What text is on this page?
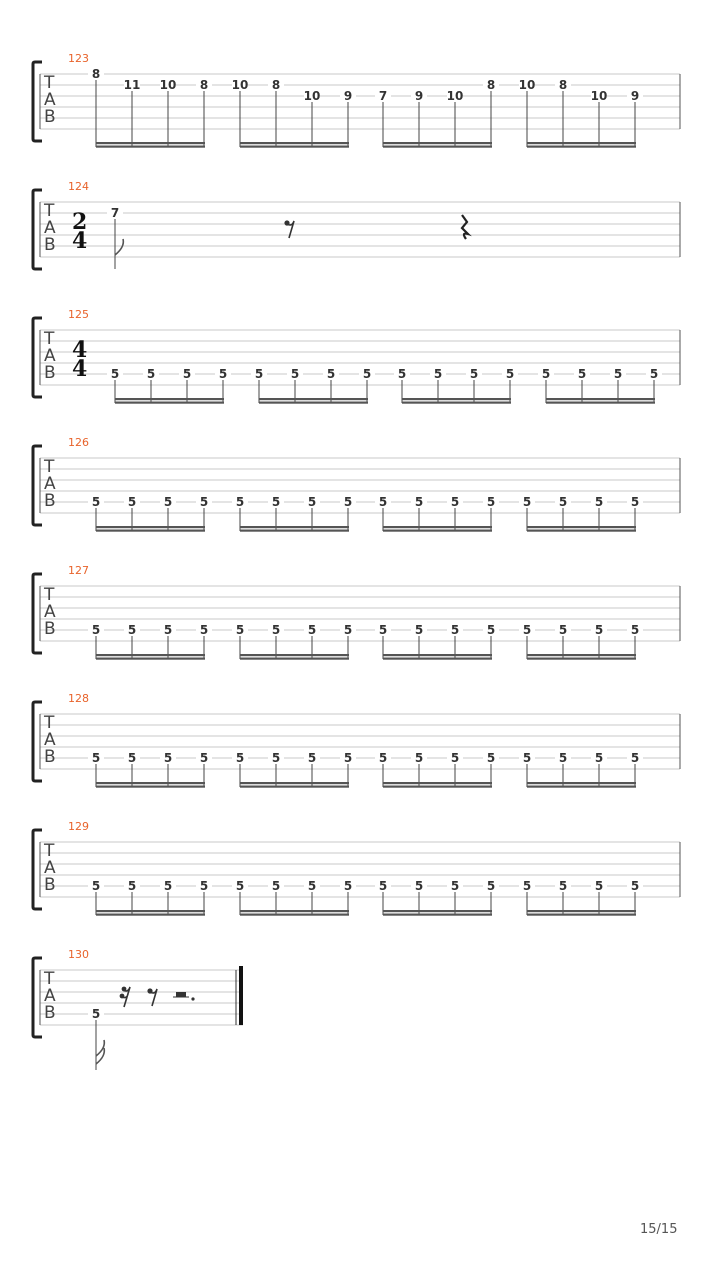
123
T
A
B
8
11 10 8 10 8
10 9 7 9 10
8 10 8
10 9
124
T
A
B
2
4
7
125
T
A
B
4
4 5 5 5 5 5 5 5 5 5 5 5 5 5 5 5 5
126
T
A
B	5 5 5 5 5 5 5 5 5 5 5 5 5 5 5 5
127
T
A
B	5 5 5 5 5 5 5 5 5 5 5 5 5 5 5 5
128
T
A
B	5 5 5 5 5 5 5 5 5 5 5 5 5 5 5 5
129
T
A
B	5 5 5 5 5 5 5 5 5 5 5 5 5 5 5 5
130
T
A
B	5
15/15
